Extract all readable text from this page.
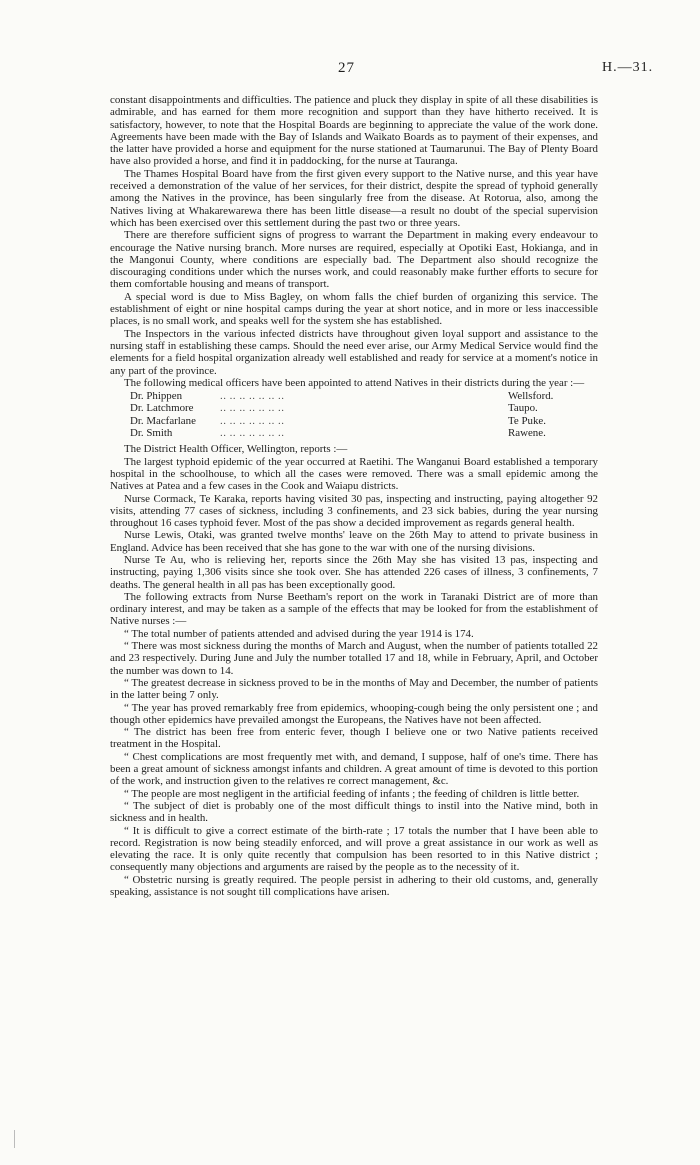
27	H.—31.

constant disappointments and difficulties. The patience and pluck they display in spite of all these disabilities is admirable, and has earned for them more recognition and support than they have hitherto received. It is satisfactory, however, to note that the Hospital Boards are beginning to appreciate the value of the work done. Agreements have been made with the Bay of Islands and Waikato Boards as to payment of their expenses, and the latter have provided a horse and equipment for the nurse stationed at Taumarunui. The Bay of Plenty Board have also provided a horse, and find it in paddocking, for the nurse at Tauranga.

The Thames Hospital Board have from the first given every support to the Native nurse, and this year have received a demonstration of the value of her services, for their district, despite the spread of typhoid generally among the Natives in the province, has been singularly free from the disease. At Rotorua, also, among the Natives living at Whakarewarewa there has been little disease—a result no doubt of the special supervision which has been exercised over this settlement during the past two or three years.

There are therefore sufficient signs of progress to warrant the Department in making every endeavour to encourage the Native nursing branch. More nurses are required, especially at Opotiki East, Hokianga, and in the Mangonui County, where conditions are especially bad. The Department also should recognize the discouraging conditions under which the nurses work, and could reasonably make further efforts to secure for them comfortable housing and means of transport.

A special word is due to Miss Bagley, on whom falls the chief burden of organizing this service. The establishment of eight or nine hospital camps during the year at short notice, and in more or less inaccessible places, is no small work, and speaks well for the system she has established.

The Inspectors in the various infected districts have throughout given loyal support and assistance to the nursing staff in establishing these camps. Should the need ever arise, our Army Medical Service would find the elements for a field hospital organization already well established and ready for service at a moment's notice in any part of the province.

The following medical officers have been appointed to attend Natives in their districts during the year :—

Dr. Phippen	.. .. .. .. .. .. ..	Wellsford.
Dr. Latchmore	.. .. .. .. .. .. ..	Taupo.
Dr. Macfarlane	.. .. .. .. .. .. ..	Te Puke.
Dr. Smith	.. .. .. .. .. .. ..	Rawene.

The District Health Officer, Wellington, reports :—

The largest typhoid epidemic of the year occurred at Raetihi. The Wanganui Board established a temporary hospital in the schoolhouse, to which all the cases were removed. There was a small epidemic among the Natives at Patea and a few cases in the Cook and Waiapu districts.

Nurse Cormack, Te Karaka, reports having visited 30 pas, inspecting and instructing, paying altogether 92 visits, attending 77 cases of sickness, including 3 confinements, and 23 sick babies, during the year nursing throughout 16 cases typhoid fever. Most of the pas show a decided improvement as regards general health.

Nurse Lewis, Otaki, was granted twelve months' leave on the 26th May to attend to private business in England. Advice has been received that she has gone to the war with one of the nursing divisions.

Nurse Te Au, who is relieving her, reports since the 26th May she has visited 13 pas, inspecting and instructing, paying 1,306 visits since she took over. She has attended 226 cases of illness, 3 confinements, 7 deaths. The general health in all pas has been exceptionally good.

The following extracts from Nurse Beetham's report on the work in Taranaki District are of more than ordinary interest, and may be taken as a sample of the effects that may be looked for from the establishment of Native nurses :—

“ The total number of patients attended and advised during the year 1914 is 174.

“ There was most sickness during the months of March and August, when the number of patients totalled 22 and 23 respectively. During June and July the number totalled 17 and 18, while in February, April, and October the number was down to 14.

“ The greatest decrease in sickness proved to be in the months of May and December, the number of patients in the latter being 7 only.

“ The year has proved remarkably free from epidemics, whooping-cough being the only persistent one ; and though other epidemics have prevailed amongst the Europeans, the Natives have not been affected.

“ The district has been free from enteric fever, though I believe one or two Native patients received treatment in the Hospital.

“ Chest complications are most frequently met with, and demand, I suppose, half of one's time. There has been a great amount of sickness amongst infants and children. A great amount of time is devoted to this portion of the work, and instruction given to the relatives re correct management, &c.

“ The people are most negligent in the artificial feeding of infants ; the feeding of children is little better.

“ The subject of diet is probably one of the most difficult things to instil into the Native mind, both in sickness and in health.

“ It is difficult to give a correct estimate of the birth-rate ; 17 totals the number that I have been able to record. Registration is now being steadily enforced, and will prove a great assistance in our work as well as elevating the race. It is only quite recently that compulsion has been resorted to in this Native district ; consequently many objections and arguments are raised by the people as to the necessity of it.

“ Obstetric nursing is greatly required. The people persist in adhering to their old customs, and, generally speaking, assistance is not sought till complications have arisen.
